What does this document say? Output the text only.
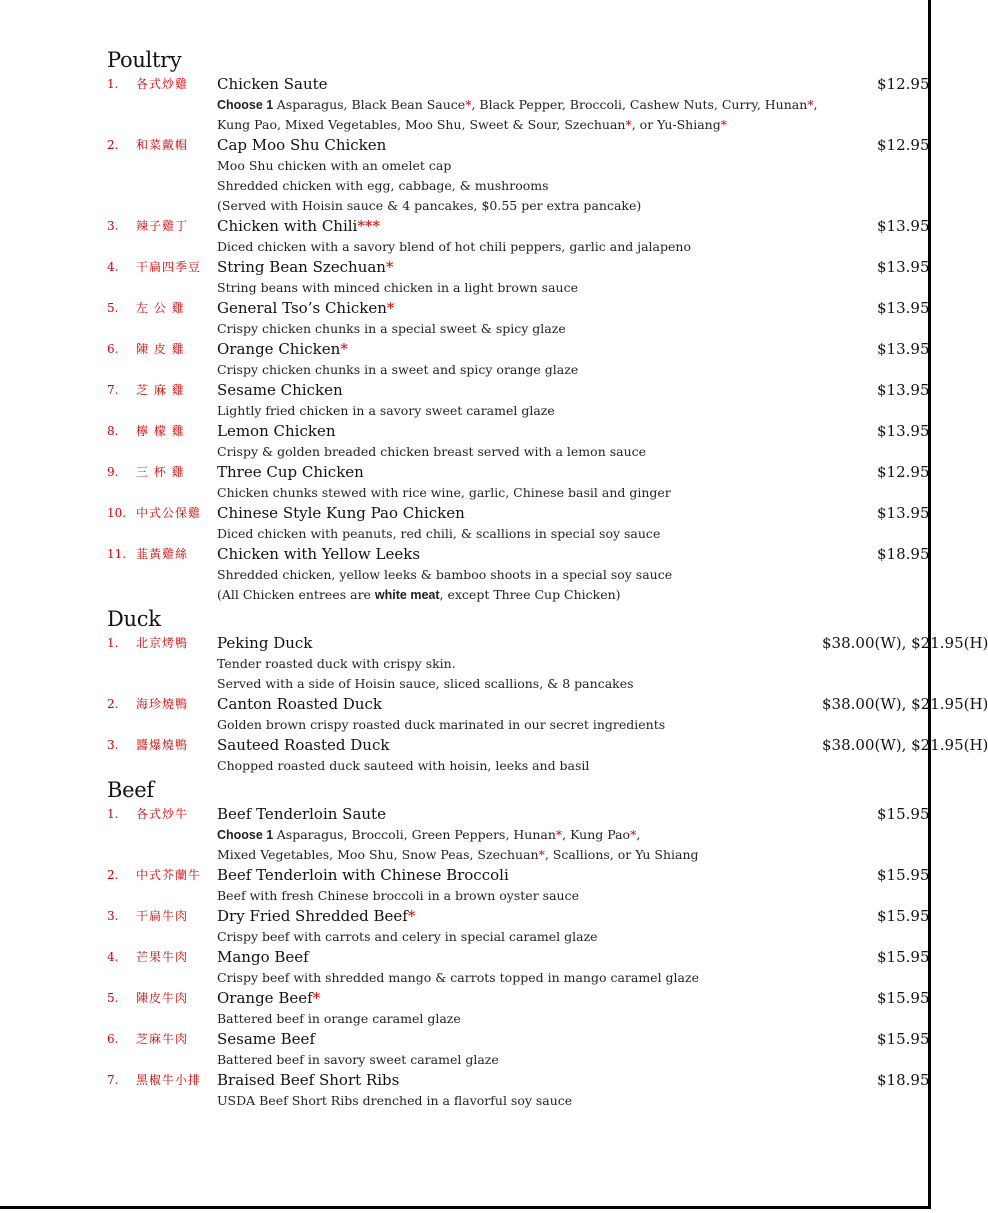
Poultry
1.	各式炒雞 Chicken Saute	$12.95
Choose 1 Asparagus, Black Bean Sauce*, Black Pepper, Broccoli, Cashew Nuts, Curry, Hunan*,
Kung Pao, Mixed Vegetables, Moo Shu, Sweet & Sour, Szechuan*, or Yu-Shiang*
2.	和菜戴帽 Cap Moo Shu Chicken	$12.95
Moo Shu chicken with an omelet cap
Shredded chicken with egg, cabbage, & mushrooms
(Served with Hoisin sauce & 4 pancakes, $0.55 per extra pancake)
3.	辣子雞丁 Chicken with Chili***	$13.95
Diced chicken with a savory blend of hot chili peppers, garlic and jalapeno
4.	干扁四季豆 String Bean Szechuan*	$13.95
String beans with minced chicken in a light brown sauce
5.	左 公 雞 General Tso’s Chicken*	$13.95
Crispy chicken chunks in a special sweet & spicy glaze
6.	陳 皮 雞 Orange Chicken*	$13.95
Crispy chicken chunks in a sweet and spicy orange glaze
7.	芝 麻 雞 Sesame Chicken	$13.95
Lightly fried chicken in a savory sweet caramel glaze
8.	檸 檬 雞 Lemon Chicken	$13.95
Crispy & golden breaded chicken breast served with a lemon sauce
9.	三 杯 雞 Three Cup Chicken	$12.95
Chicken chunks stewed with rice wine, garlic, Chinese basil and ginger
10. 中式公保雞 Chinese Style Kung Pao Chicken	$13.95
Diced chicken with peanuts, red chili, & scallions in special soy sauce
11. 韮黃雞絲 Chicken with Yellow Leeks	$18.95
Shredded chicken, yellow leeks & bamboo shoots in a special soy sauce
(All Chicken entrees are white meat, except Three Cup Chicken)
Duck
1.	北京烤鴨 Peking Duck	$38.00(W), $21.95(H)
Tender roasted duck with crispy skin.
Served with a side of Hoisin sauce, sliced scallions, & 8 pancakes
2.	海珍燒鴨 Canton Roasted Duck	$38.00(W), $21.95(H)
Golden brown crispy roasted duck marinated in our secret ingredients
3.	醬爆燒鴨 Sauteed Roasted Duck	$38.00(W), $21.95(H)
Chopped roasted duck sauteed with hoisin, leeks and basil
Beef
1.	各式炒牛 Beef Tenderloin Saute	$15.95
Choose 1 Asparagus, Broccoli, Green Peppers, Hunan*, Kung Pao*,
Mixed Vegetables, Moo Shu, Snow Peas, Szechuan*, Scallions, or Yu Shiang
2.	中式芥蘭牛 Beef Tenderloin with Chinese Broccoli	$15.95
Beef with fresh Chinese broccoli in a brown oyster sauce
3.	干扁牛肉 Dry Fried Shredded Beef*	$15.95
Crispy beef with carrots and celery in special caramel glaze
4.	芒果牛肉 Mango Beef	$15.95
Crispy beef with shredded mango & carrots topped in mango caramel glaze
5.	陳皮牛肉 Orange Beef*	$15.95
Battered beef in orange caramel glaze
6.	芝麻牛肉 Sesame Beef	$15.95
Battered beef in savory sweet caramel glaze
7.	黑椒牛小排 Braised Beef Short Ribs	$18.95
USDA Beef Short Ribs drenched in a flavorful soy sauce
